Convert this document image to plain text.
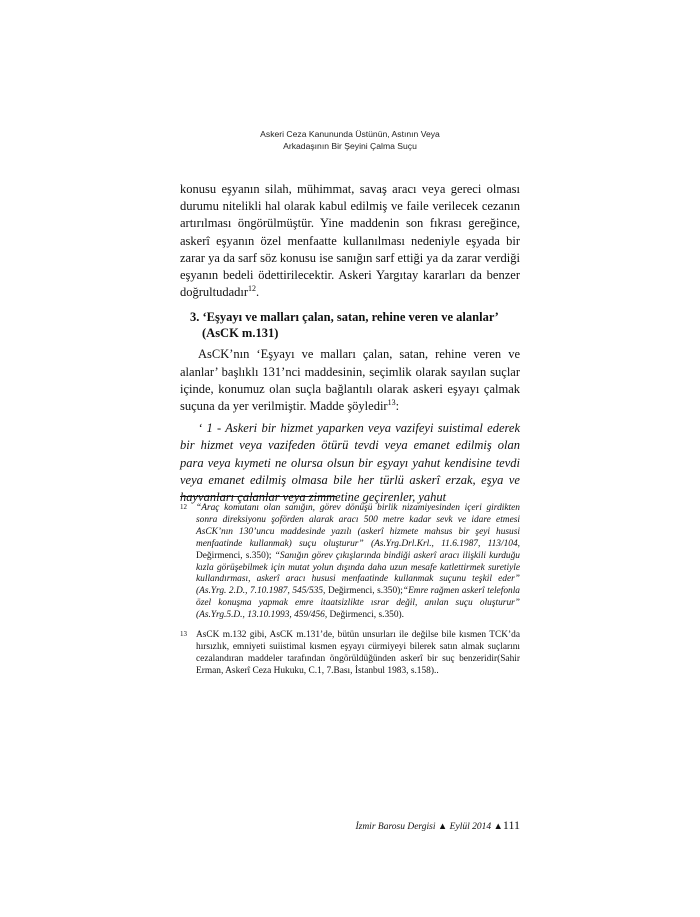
Askeri Ceza Kanununda Üstünün, Astının Veya
Arkadaşının Bir Şeyini Çalma Suçu

konusu eşyanın silah, mühimmat, savaş aracı veya gereci olması durumu nitelikli hal olarak kabul edilmiş ve faile verilecek cezanın artırılması öngörülmüştür. Yine maddenin son fıkrası gereğince, askerî eşyanın özel menfaatte kullanılması nedeniyle eşyada bir zarar ya da sarf söz konusu ise sanığın sarf ettiği ya da zarar verdiği eşyanın bedeli ödettirilecektir. Askeri Yargıtay kararları da benzer doğrultudadır$^{12}$.

3. ‘Eşyayı ve malları çalan, satan, rehine veren ve alanlar’
(AsCK m.131)

AsCK’nın ‘Eşyayı ve malları çalan, satan, rehine veren ve alanlar’ başlıklı 131’nci maddesinin, seçimlik olarak sayılan suçlar içinde, konumuz olan suçla bağlantılı olarak askeri eşyayı çalmak suçuna da yer verilmiştir. Madde şöyledir$^{13}$:

‘ 1 - Askeri bir hizmet yaparken veya vazifeyi suistimal ederek bir hizmet veya vazifeden ötürü tevdi veya emanet edilmiş olan para veya kıymeti ne olursa olsun bir eşyayı yahut kendisine tevdi veya emanet edilmiş olmasa bile her türlü askerî erzak, eşya ve hayvanları çalanlar veya zimmetine geçirenler, yahut

12 “Araç komutanı olan sanığın, görev dönüşü birlik nizamiyesinden içeri girdikten sonra direksiyonu şoförden alarak aracı 500 metre kadar sevk ve idare etmesi AsCK’nın 130’uncu maddesinde yazılı (askerî hizmete mahsus bir şeyi hususi menfaatinde kullanmak) suçu oluşturur” (As.Yrg.Drl.Krl., 11.6.1987, 113/104, Değirmenci, s.350); “Sanığın görev çıkışlarında bindiği askerî aracı ilişkili kurduğu kızla görüşebilmek için mutat yolun dışında daha uzun mesafe katlettirmek suretiyle kullandırması, askerî aracı hususi menfaatinde kullanmak suçunu teşkil eder” (As.Yrg. 2.D., 7.10.1987, 545/535, Değirmenci, s.350);“Emre rağmen askerî telefonla özel konuşma yapmak emre itaatsizlikte ısrar değil, anılan suçu oluşturur” (As.Yrg.5.D., 13.10.1993, 459/456, Değirmenci, s.350).
13 AsCK m.132 gibi, AsCK m.131’de, bütün unsurları ile değilse bile kısmen TCK’da hırsızlık, emniyeti suiistimal kısmen eşyayı cürmiyeyi bilerek satın almak suçlarını cezalandıran maddeler tarafından öngörüldüğünden askerî bir suç benzeridir(Sahir Erman, Askerî Ceza Hukuku, C.1, 7.Bası, İstanbul 1983, s.158)..
İzmir Barosu Dergisi ▲ Eylül 2014 ▲111
